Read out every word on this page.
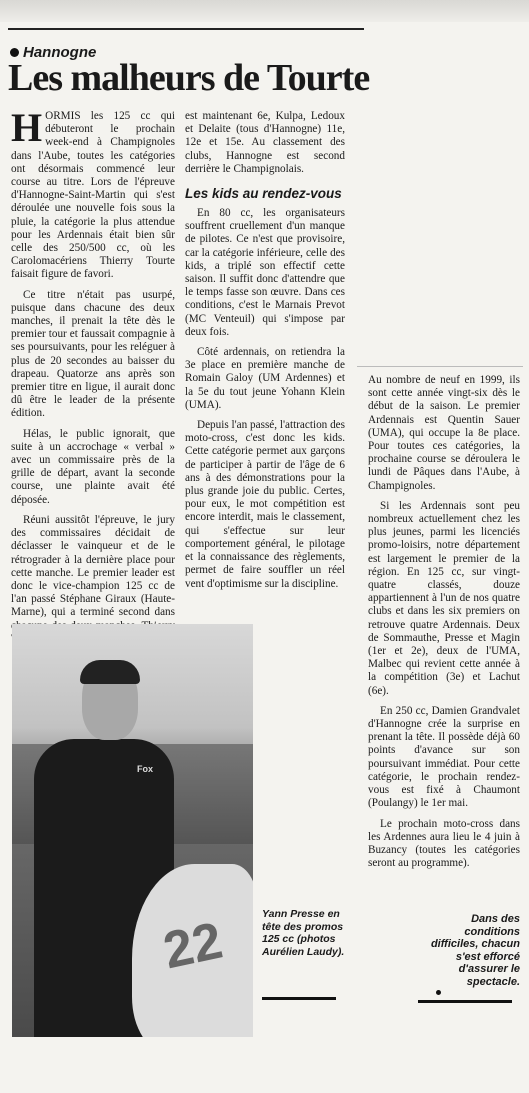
Hannogne
Les malheurs de Tourte

HORMIS les 125 cc qui débuteront le prochain week-end à Champignoles dans l'Aube, toutes les catégories ont désormais commencé leur course au titre. Lors de l'épreuve d'Hannogne-Saint-Martin qui s'est déroulée une nouvelle fois sous la pluie, la catégorie la plus attendue pour les Ardennais était bien sûr celle des 250/500 cc, où les Carolomacériens Thierry Tourte faisait figure de favori.

Ce titre n'était pas usurpé, puisque dans chacune des deux manches, il prenait la tête dès le premier tour et faussait compagnie à ses poursuivants, pour les reléguer à plus de 20 secondes au baisser du drapeau. Quatorze ans après son premier titre en ligue, il aurait donc dû être le leader de la présente édition.

Hélas, le public ignorait, que suite à un accrochage « verbal » avec un commissaire près de la grille de départ, avant la seconde course, une plainte avait été déposée.

Réuni aussitôt l'épreuve, le jury des commissaires décidait de déclasser le vainqueur et de le rétrograder à la dernière place pour cette manche. Le premier leader est donc le vice-champion 125 cc de l'an passé Stéphane Giraux (Haute-Marne), qui a terminé second dans

est maintenant 6e, Kulpa, Ledoux et Delaite (tous d'Hannogne) 11e, 12e et 15e. Au classement des clubs, Hannogne est second derrière le Champignolais.

Les kids au rendez-vous

En 80 cc, les organisateurs souffrent cruellement d'un manque de pilotes. Ce n'est que provisoire, car la catégorie inférieure, celle des kids, a triplé son effectif cette saison. Il suffit donc d'attendre que le temps fasse son œuvre. Dans ces conditions, c'est le Marnais Prevot (MC Venteuil) qui s'impose par deux fois.

Côté ardennais, on retiendra la 3e place en première manche de Romain Galoy (UM Ardennes) et la 5e du tout jeune Yohann Klein (UMA).

Depuis l'an passé, l'attraction des moto-cross, c'est donc les kids. Cette catégorie permet aux garçons de participer à partir de l'âge de 6 ans à des démonstrations pour la plus grande joie du public. Certes, pour eux, le mot compétition est encore interdit, mais le classement, qui s'effectue sur leur comportement général, le pilotage et la connaissance des règlements, permet de faire souffler un réel vent d'optimisme sur la discipline.

Au nombre de neuf en 1999, ils sont cette année vingt-six dès le début de la saison. Le premier Ardennais est Quentin Sauer (UMA), qui occupe la 8e place. Pour toutes ces catégories, la prochaine course se déroulera le lundi de Pâques dans l'Aube, à Champignoles.

Si les Ardennais sont peu nombreux actuellement chez les plus jeunes, parmi les licenciés promo-loisirs, notre département est largement le premier de la région. En 125 cc, sur vingt-quatre classés, douze appartiennent à l'un de nos quatre clubs et dans les six premiers on retrouve quatre Ardennais. Deux de Sommauthe, Presse et Magin (1er et 2e), deux de l'UMA, Malbec qui revient cette année à la compétition (3e) et Lachut (6e).

En 250 cc, Damien Grandvalet d'Hannogne crée la surprise en prenant la tête. Il possède déjà 60 points d'avance sur son poursuivant immédiat. Pour cette catégorie, le prochain rendez-vous est fixé à Chaumont (Poulangy) le 1er mai.

Le prochain moto-cross dans les Ardennes aura lieu le 4 juin à Buzancy (toutes les catégories seront au programme).

Fox
22	Yann Presse en tête des promos 125 cc (photos Aurélien Laudy).
Dans des conditions difficiles, chacun s'est efforcé d'assurer le spectacle.
